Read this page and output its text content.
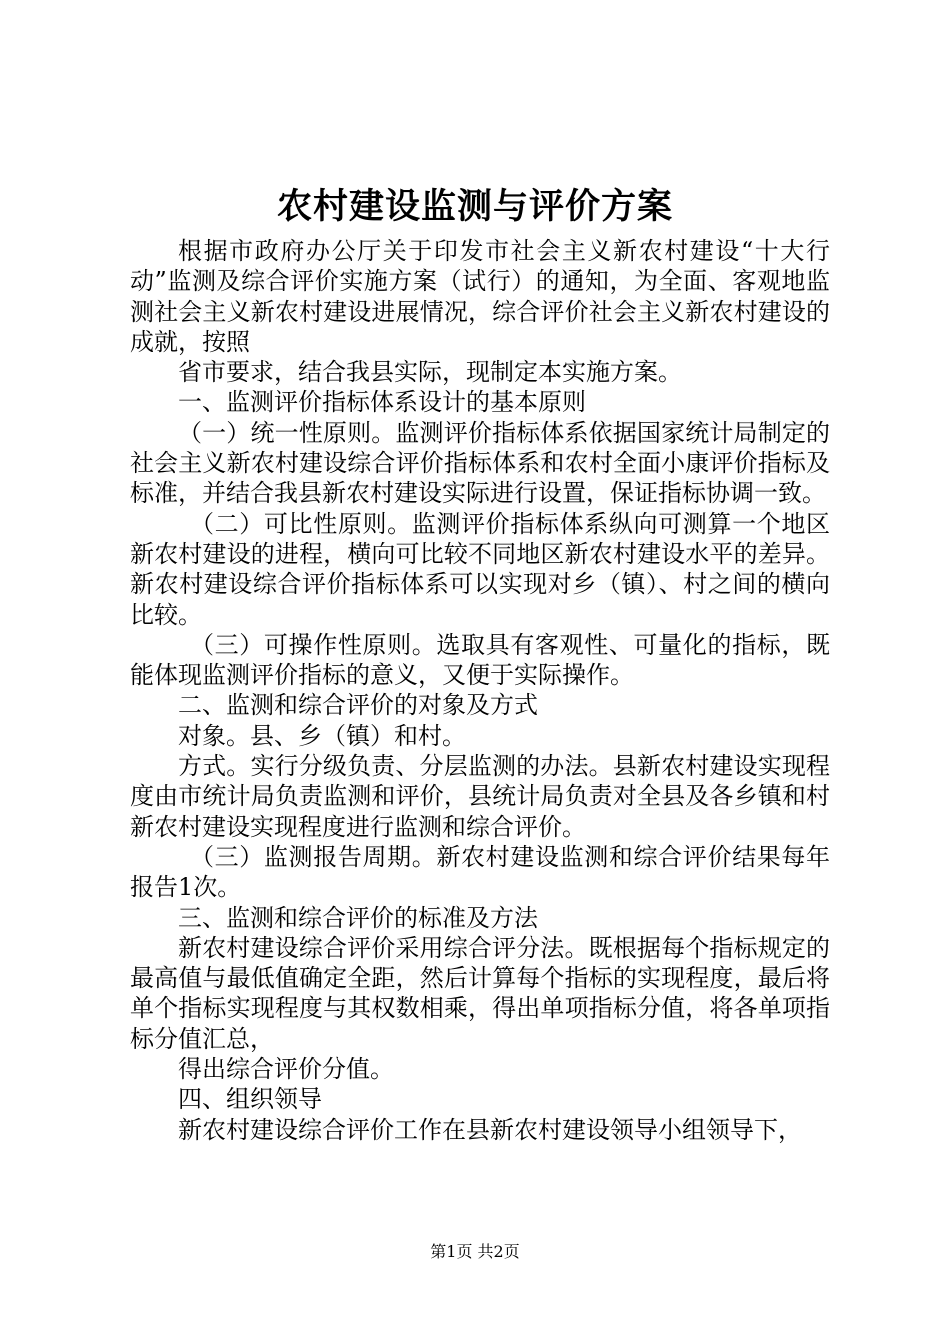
农村建设监测与评价方案

根据市政府办公厅关于印发市社会主义新农村建设“十大行动”监测及综合评价实施方案（试行）的通知，为全面、客观地监测社会主义新农村建设进展情况，综合评价社会主义新农村建设的成就，按照

省市要求，结合我县实际，现制定本实施方案。

一、监测评价指标体系设计的基本原则

（一）统一性原则。监测评价指标体系依据国家统计局制定的社会主义新农村建设综合评价指标体系和农村全面小康评价指标及标准，并结合我县新农村建设实际进行设置，保证指标协调一致。

（二）可比性原则。监测评价指标体系纵向可测算一个地区新农村建设的进程，横向可比较不同地区新农村建设水平的差异。新农村建设综合评价指标体系可以实现对乡（镇）、村之间的横向比较。

（三）可操作性原则。选取具有客观性、可量化的指标，既能体现监测评价指标的意义，又便于实际操作。

二、监测和综合评价的对象及方式

对象。县、乡（镇）和村。

方式。实行分级负责、分层监测的办法。县新农村建设实现程度由市统计局负责监测和评价，县统计局负责对全县及各乡镇和村新农村建设实现程度进行监测和综合评价。

（三）监测报告周期。新农村建设监测和综合评价结果每年报告1次。

三、监测和综合评价的标准及方法

新农村建设综合评价采用综合评分法。既根据每个指标规定的最高值与最低值确定全距，然后计算每个指标的实现程度，最后将单个指标实现程度与其权数相乘，得出单项指标分值，将各单项指标分值汇总，

得出综合评价分值。

四、组织领导

新农村建设综合评价工作在县新农村建设领导小组领导下，

第1页 共2页
